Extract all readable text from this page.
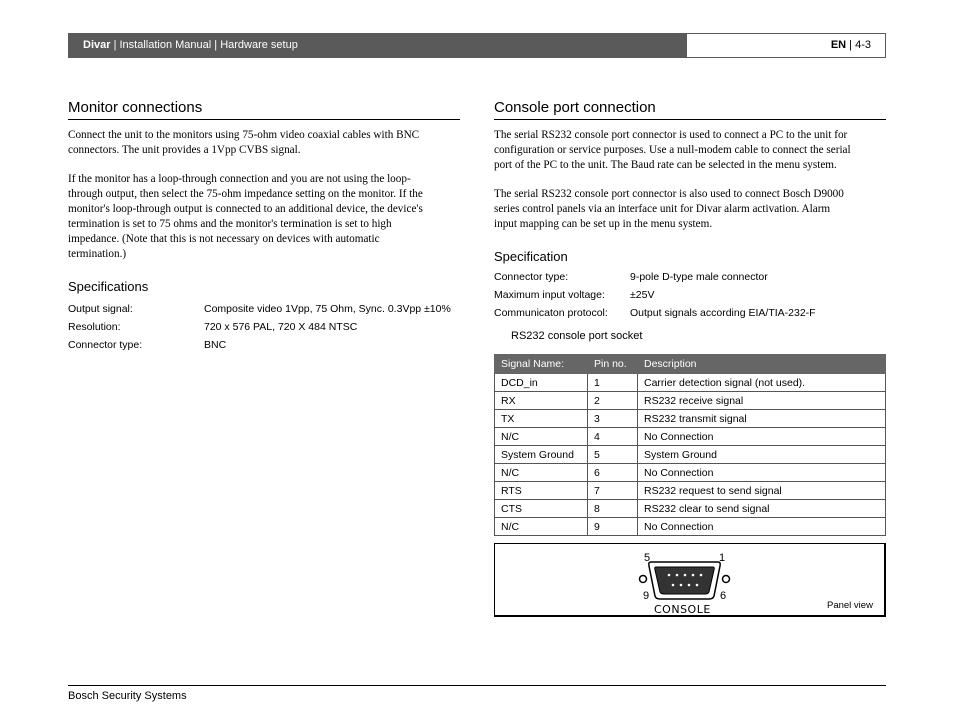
Divar | Installation Manual | Hardware setup	EN | 4-3
Monitor connections

Connect the unit to the monitors using 75-ohm video coaxial cables with BNC

connectors. The unit provides a 1Vpp CVBS signal.

If the monitor has a loop-through connection and you are not using the loop-

through output, then select the 75-ohm impedance setting on the monitor. If the

monitor's loop-through output is connected to an additional device, the device's

termination is set to 75 ohms and the monitor's termination is set to high

impedance. (Note that this is not necessary on devices with automatic

termination.)

Specifications
Output signal:	Composite video 1Vpp, 75 Ohm, Sync. 0.3Vpp ±10%
Resolution:	720 x 576 PAL, 720 X 484 NTSC
Connector type:	BNC
Console port connection

The serial RS232 console port connector is used to connect a PC to the unit for

configuration or service purposes. Use a null-modem cable to connect the serial

port of the PC to the unit. The Baud rate can be selected in the menu system.

The serial RS232 console port connector is also used to connect Bosch D9000

series control panels via an interface unit for Divar alarm activation. Alarm

input mapping can be set up in the menu system.

Specification
Connector type:	9-pole D-type male connector
Maximum input voltage: ±25V
Communicaton protocol: Output signals according EIA/TIA-232-F
RS232 console port socket
Signal Name:	Pin no.	Description
DCD_in	1	Carrier detection signal (not used).
RX	2	RS232 receive signal
TX	3	RS232 transmit signal
N/C	4	No Connection
System Ground	5	System Ground
N/C	6	No Connection
RTS	7	RS232 request to send signal
CTS	8	RS232 clear to send signal
N/C	9	No Connection
5	1
9	6
CONSOLE	Panel view
Bosch Security Systems
